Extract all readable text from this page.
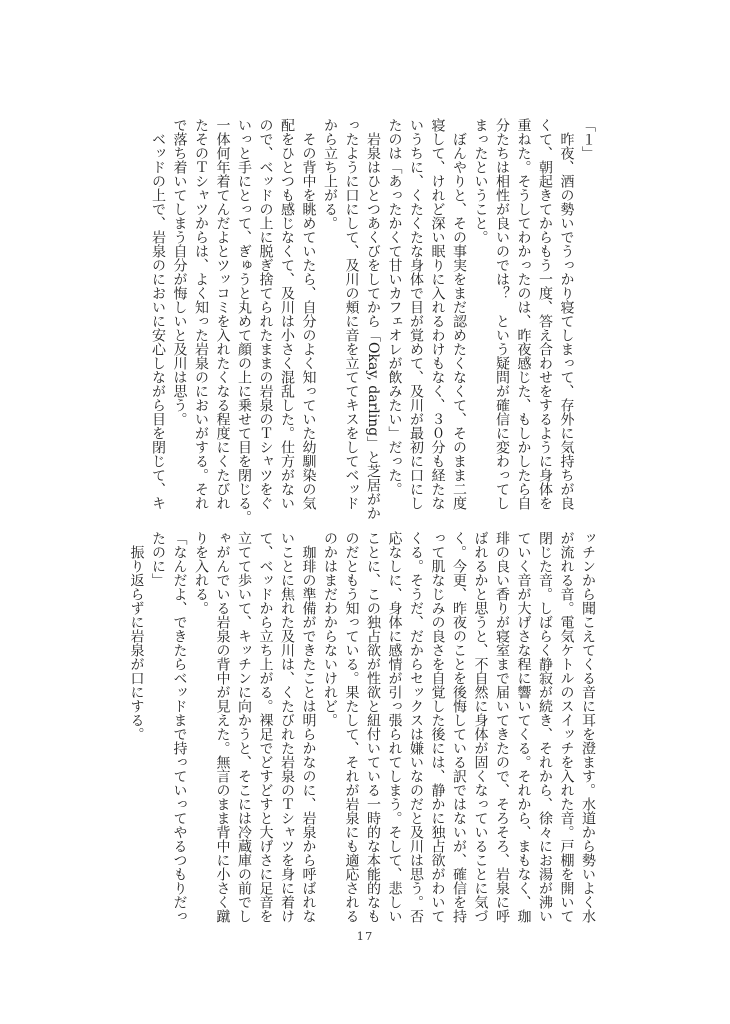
「１」
　昨夜、酒の勢いでうっかり寝てしまって、存外に気持ちが良
くて、朝起きてからもう一度、答え合わせをするように身体を
重ねた。そうしてわかったのは、昨夜感じた、もしかしたら自
分たちは相性が良いのでは？　という疑問が確信に変わってし
まったということ。
　ぼんやりと、その事実をまだ認めたくなくて、そのまま二度
寝して、けれど深い眠りに入れるわけもなく、３０分も経たな
いうちに、くたくたな身体で目が覚めて、及川が最初に口にし
たのは「あったかくて甘いカフェオレが飲みたい」だった。
　岩泉はひとつあくびをしてから「Okay, darling」と芝居がか
ったように口にして、及川の頬に音を立ててキスをしてベッド
から立ち上がる。
　その背中を眺めていたら、自分のよく知っていた幼馴染の気
配をひとつも感じなくて、及川は小さく混乱した。仕方がない
ので、ベッドの上に脱ぎ捨てられたままの岩泉のＴシャツをぐ
いっと手にとって、ぎゅうと丸めて顔の上に乗せて目を閉じる。
一体何年着てんだよとツッコミを入れたくなる程度にくたびれ
たそのＴシャツからは、よく知った岩泉のにおいがする。それ
で落ち着いてしまう自分が悔しいと及川は思う。
　ベッドの上で、岩泉のにおいに安心しながら目を閉じて、キ
ッチンから聞こえてくる音に耳を澄ます。水道から勢いよく水
が流れる音。電気ケトルのスイッチを入れた音。戸棚を開いて
閉じた音。しばらく静寂が続き、それから、徐々にお湯が沸い
ていく音が大げさな程に響いてくる。それから、まもなく、珈
琲の良い香りが寝室まで届いてきたので、そろそろ、岩泉に呼
ばれるかと思うと、不自然に身体が固くなっていることに気づ
く。今更、昨夜のことを後悔している訳ではないが、確信を持
って肌なじみの良さを自覚した後には、静かに独占欲がわいて
くる。そうだ、だからセックスは嫌いなのだと及川は思う。否
応なしに、身体に感情が引っ張られてしまう。そして、悲しい
ことに、この独占欲が性欲と紐付いている一時的な本能的なも
のだともう知っている。果たして、それが岩泉にも適応される
のかはまだわからないけれど。
　珈琲の準備ができたことは明らかなのに、岩泉から呼ばれな
いことに焦れた及川は、くたびれた岩泉のＴシャツを身に着け
て、ベッドから立ち上がる。裸足でどすどすと大げさに足音を
立てて歩いて、キッチンに向かうと、そこには冷蔵庫の前でし
ゃがんでいる岩泉の背中が見えた。無言のまま背中に小さく蹴
りを入れる。
「なんだよ、できたらベッドまで持っていってやるつもりだっ
たのに」
　振り返らずに岩泉が口にする。
17
